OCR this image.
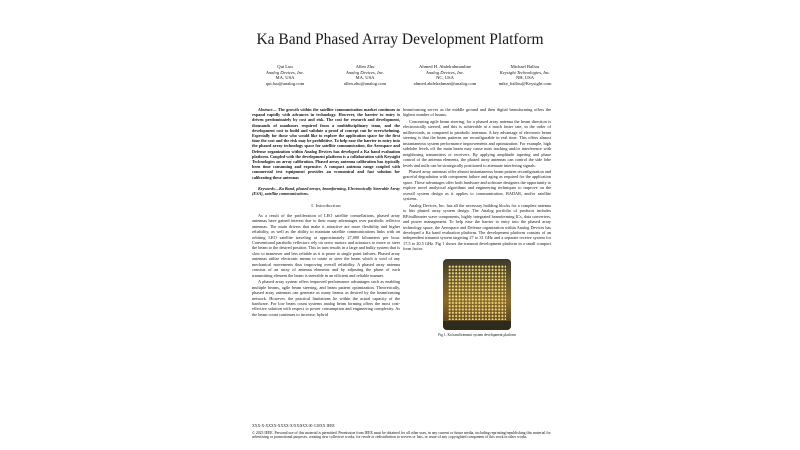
Ka Band Phased Array Development Platform
Qui Luu
Analog Devices, Inc.
MA, USA
qui.luu@analog.com
Allen Zhu
Analog Devices, Inc.
MA, USA
allen.zhu@analog.com
Ahmed H. Abdelrahmanline
Analog Devices, Inc.
NC, USA
ahmed.abdelrahman@analog.com
Michael Ballou
Keysight Technologies, Inc.
NH, USA
mike_ballou@Keysight.com
Abstract— The growth within the satellite communication market continues to expand rapidly with advances in technology. However, the barrier to entry is driven predominately by cost and risk. The cost for research and development, thousands of manhours required from a multidisciplinary team, and the development cost to build and validate a proof of concept can be overwhelming. Especially for those who would like to explore the application space for the first time the cost and the risk may be prohibitive. To help ease the barrier to entry into the phased array technology space for satellite communication, the Aerospace and Defense organization within Analog Devices has developed a Ka band evaluation platform. Coupled with the development platform is a collaboration with Keysight Technologies on array calibration. Phased array antenna calibration has typically been time consuming and expensive. A compact antenna range coupled with commercial test equipment provides an economical and fast solution for calibrating these antennas
Keywords—Ka Band, phased arrays, beamforming, Electronically Steerable Array (ESA), satellite communications.
I. Introduction

As a result of the proliferation of LEO satellite constellations, phased array antennas have gained interest due to their many advantages over parabolic reflector antennas. The main drivers that make it attractive are more flexibility and higher reliability, as well as the ability to maintain satellite communications links with an orbiting LEO satellite traveling at approximately 27,000 kilometers per hour. Conventional parabolic reflectors rely on servo motors and actuators to move or steer the beam to the desired position. This in turn results in a large and bulky system that is slow to maneuver and less reliable as it is prone to single point failures. Phased array antennas utilize electronic means to rotate or steer the beam which is void of any mechanical movements thus improving overall reliability. A phased array antenna consists of an array of antenna elements and by adjusting the phase of each transmitting element the beam is steerable in an efficient and reliable manner.

A phased array system offers improved performance advantages such as enabling multiple beams, agile beam steering, and beam pattern optimization. Theoretically, phased array antennas can generate as many beams as desired by the beamforming network. However, the practical limitations lie within the actual capacity of the hardware. For low beam count systems analog beam forming offers the most cost-effective solution with respect to power consumption and engineering complexity. As the beam count continues to increase, hybrid

beamforming serves as the middle ground and then digital beamforming offers the highest number of beams.

Concerning agile beam steering, for a phased array antenna the beam direction is electronically steered, and this is achievable at a much faster rate, in the order of milliseconds, as compared to parabolic antennas. A key advantage of electronic beam steering is that the beam patterns are reconfigurable in real time. This offers almost instantaneous system performance improvements and optimization. For example, high sidelobe levels off the main beam may cause miss tracking and/or interference with neighboring transmitters or receivers. By applying amplitude tapering and phase control of the antenna elements, the phased array antennas can control the side lobe levels and nulls can be strategically positioned to attenuate interfering signals.

Phased array antennas offer almost instantaneous beam pattern reconfiguration and graceful degradation with component failure and aging as required for the application space. These advantages offer both hardware and software designers the opportunity to explore novel analytical algorithms and engineering techniques to improve on the overall system design as it applies to communication, RADAR, and/or satellite systems.

Analog Devices, Inc. has all the necessary building blocks for a complete antenna to bits phased array system design. The Analog portfolio of products includes RF/millimeter wave components, highly integrated beamforming ICs, data converters, and power management. To help ease the barrier to entry into the phased array technology space, the Aerospace and Defense organization within Analog Devices has developed a Ka band evaluation platform. The development platform consists of an independent transmit system targeting 27 to 31 GHz and a separate receive system for 17.5 to 20.5 GHz. Fig 1 shows the transmit development platform in a small compact form factor.

Fig 1. Ka band transmit system development platform
XXX-X-XXXX-XXXX-X/XX/$XX.00 ©20XX IEEE
© 2023 IEEE. Personal use of this material is permitted. Permission from IEEE must be obtained for all other uses, in any current or future media, including reprinting/republishing this material for advertising or promotional purposes, creating new collective works, for resale or redistribution to servers or lists, or reuse of any copyrighted component of this work in other works.
